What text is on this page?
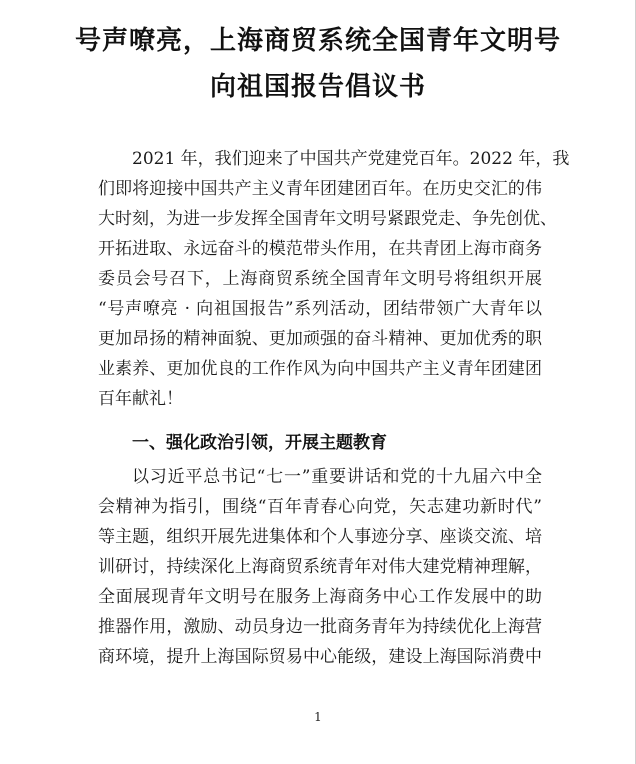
号声嘹亮，上海商贸系统全国青年文明号
向祖国报告倡议书
2021 年，我们迎来了中国共产党建党百年。2022 年，我
们即将迎接中国共产主义青年团建团百年。在历史交汇的伟
大时刻，为进一步发挥全国青年文明号紧跟党走、争先创优、
开拓进取、永远奋斗的模范带头作用，在共青团上海市商务
委员会号召下，上海商贸系统全国青年文明号将组织开展
“号声嘹亮 · 向祖国报告”系列活动，团结带领广大青年以
更加昂扬的精神面貌、更加顽强的奋斗精神、更加优秀的职
业素养、更加优良的工作作风为向中国共产主义青年团建团
百年献礼！
一、强化政治引领，开展主题教育
以习近平总书记“七一”重要讲话和党的十九届六中全
会精神为指引，围绕“百年青春心向党，矢志建功新时代”
等主题，组织开展先进集体和个人事迹分享、座谈交流、培
训研讨，持续深化上海商贸系统青年对伟大建党精神理解，
全面展现青年文明号在服务上海商务中心工作发展中的助
推器作用，激励、动员身边一批商务青年为持续优化上海营
商环境，提升上海国际贸易中心能级，建设上海国际消费中
1
